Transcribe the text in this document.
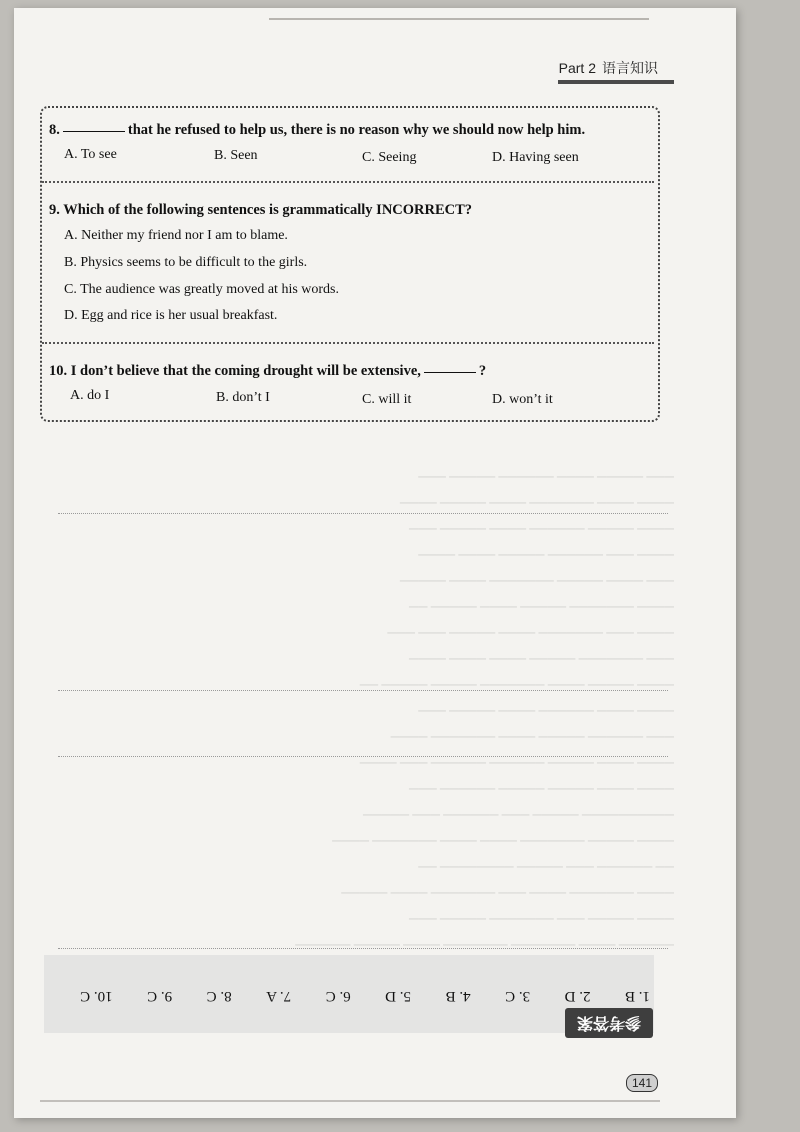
Part 2 语言知识
────── ──── ─────── ─────── ──── ───── ──────
──── ───── ─── ─────── ───── ───
──── ─────── ──── ─── ─────── ──── ─────
── ────── ─── ───── ──────── ──
──── ───── ─────── ──── ──── ─────── ────
────────── ───── ─── ────── ─── ─────
──── ──── ───── ───── ────── ───
──── ──── ───── ────── ────── ─── ────
─── ────── ───── ──── ─────── ────
──── ──── ────── ──── ───── ───
──── ───── ──── ─────── ───── ───── ──
─── ─────── ───── ──── ──── ────
──── ─── ─────── ──── ───── ─── ───
──── ─────── ───── ──── ───── ──
─── ──── ───── ─────── ──── ─────
──── ─── ────── ───── ──── ────
──── ───── ────── ──── ───── ───
──── ──── ─────── ──── ───── ────
─── ───── ──── ────── ───── ───
8.	that he refused to help us, there is no reason why we should now help him.
A. To see	B. Seen	C. Seeing	D. Having seen
9. Which of the following sentences is grammatically INCORRECT?
A. Neither my friend nor I am to blame.
B. Physics seems to be difficult to the girls.
C. The audience was greatly moved at his words.
D. Egg and rice is her usual breakfast.
10. I don’t believe that the coming drought will be extensive,	?
A. do I	B. don’t I	C. will it	D. won’t it
1. B
2. D
3. C
4. B
5. D
6. C
7. A
8. C
9. C
10. C
参考答案
141
